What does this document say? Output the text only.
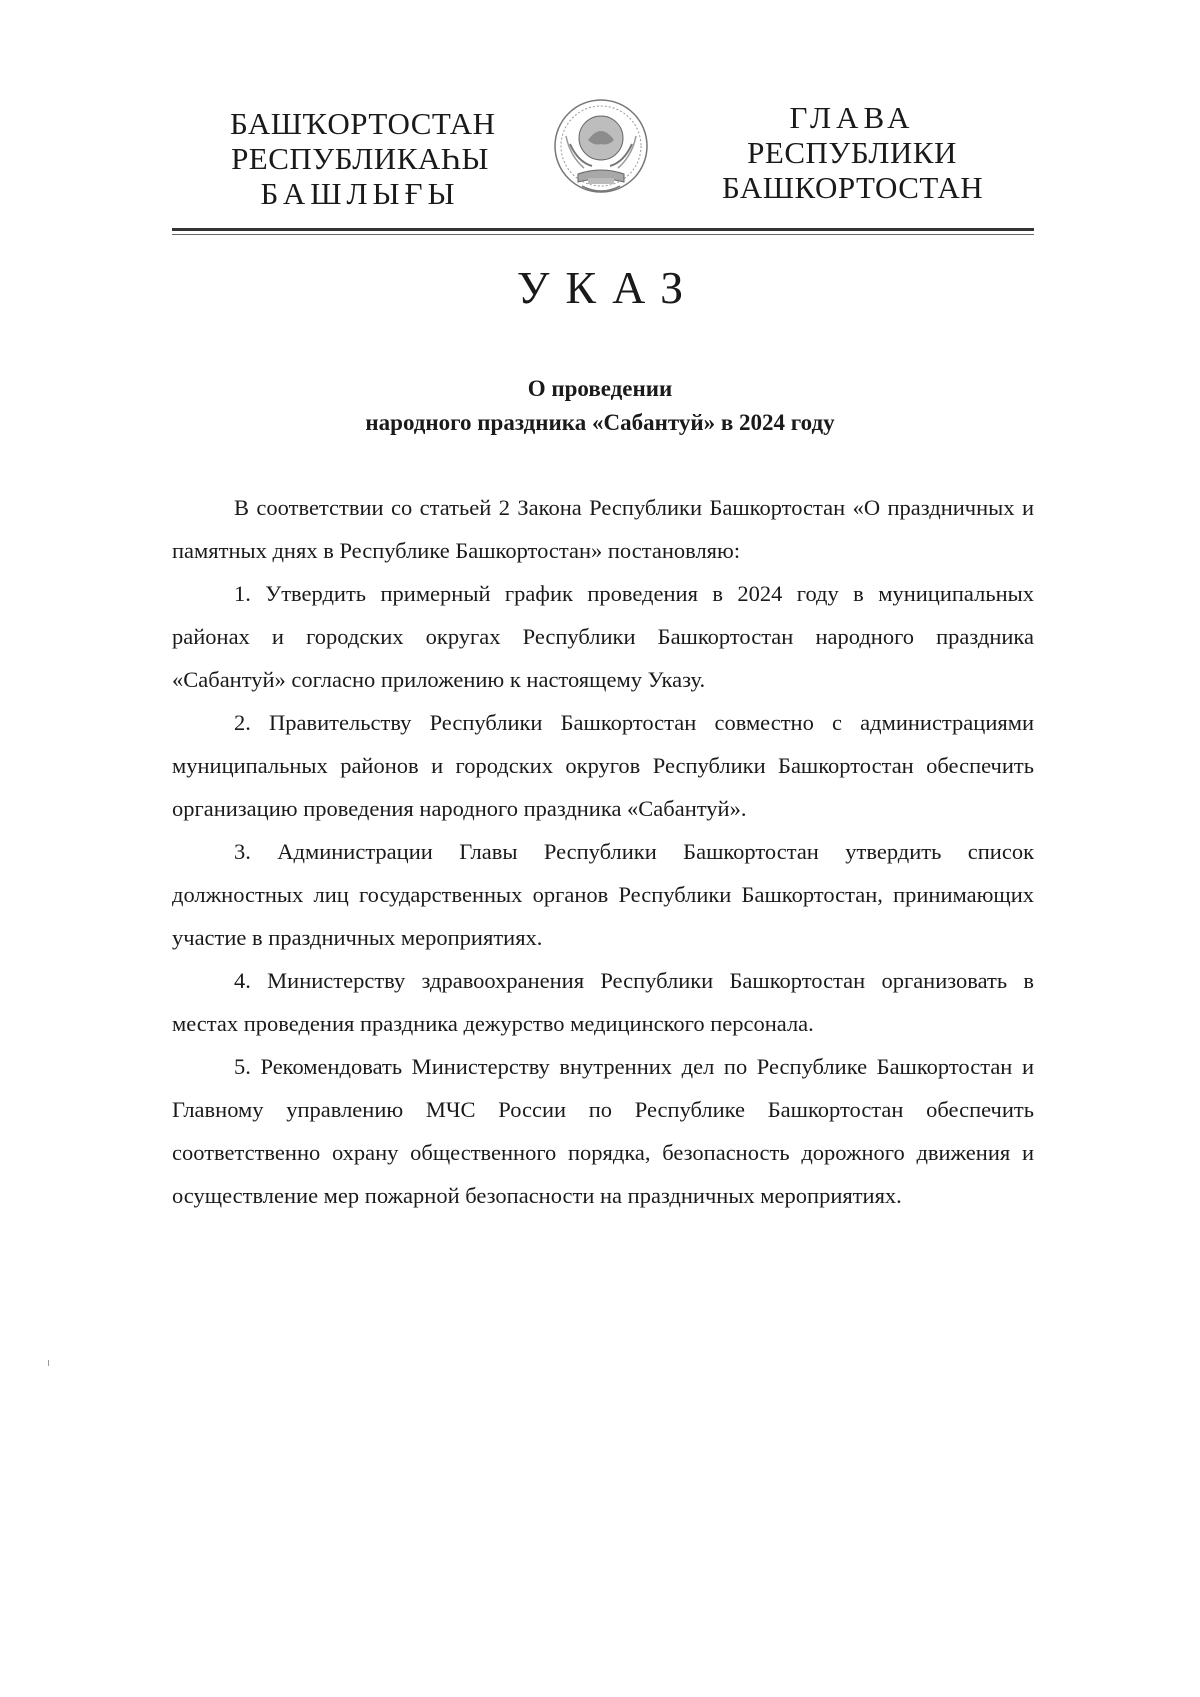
БАШҠОРТОСТАН
РЕСПУБЛИКАҺЫ
БАШЛЫҒЫ
ГЛАВА
РЕСПУБЛИКИ
БАШКОРТОСТАН
УКАЗ
О проведении
народного праздника «Сабантуй» в 2024 году

В соответствии со статьей 2 Закона Республики Башкортостан «О праздничных и памятных днях в Республике Башкортостан» постановляю:

1. Утвердить примерный график проведения в 2024 году в муниципальных районах и городских округах Республики Башкортостан народного праздника «Сабантуй» согласно приложению к настоящему Указу.

2. Правительству Республики Башкортостан совместно с администрациями муниципальных районов и городских округов Республики Башкортостан обеспечить организацию проведения народного праздника «Сабантуй».

3. Администрации Главы Республики Башкортостан утвердить список должностных лиц государственных органов Республики Башкортостан, принимающих участие в праздничных мероприятиях.

4. Министерству здравоохранения Республики Башкортостан организовать в местах проведения праздника дежурство медицинского персонала.

5. Рекомендовать Министерству внутренних дел по Республике Башкортостан и Главному управлению МЧС России по Республике Башкортостан обеспечить соответственно охрану общественного порядка, безопасность дорожного движения и осуществление мер пожарной безопасности на праздничных мероприятиях.
